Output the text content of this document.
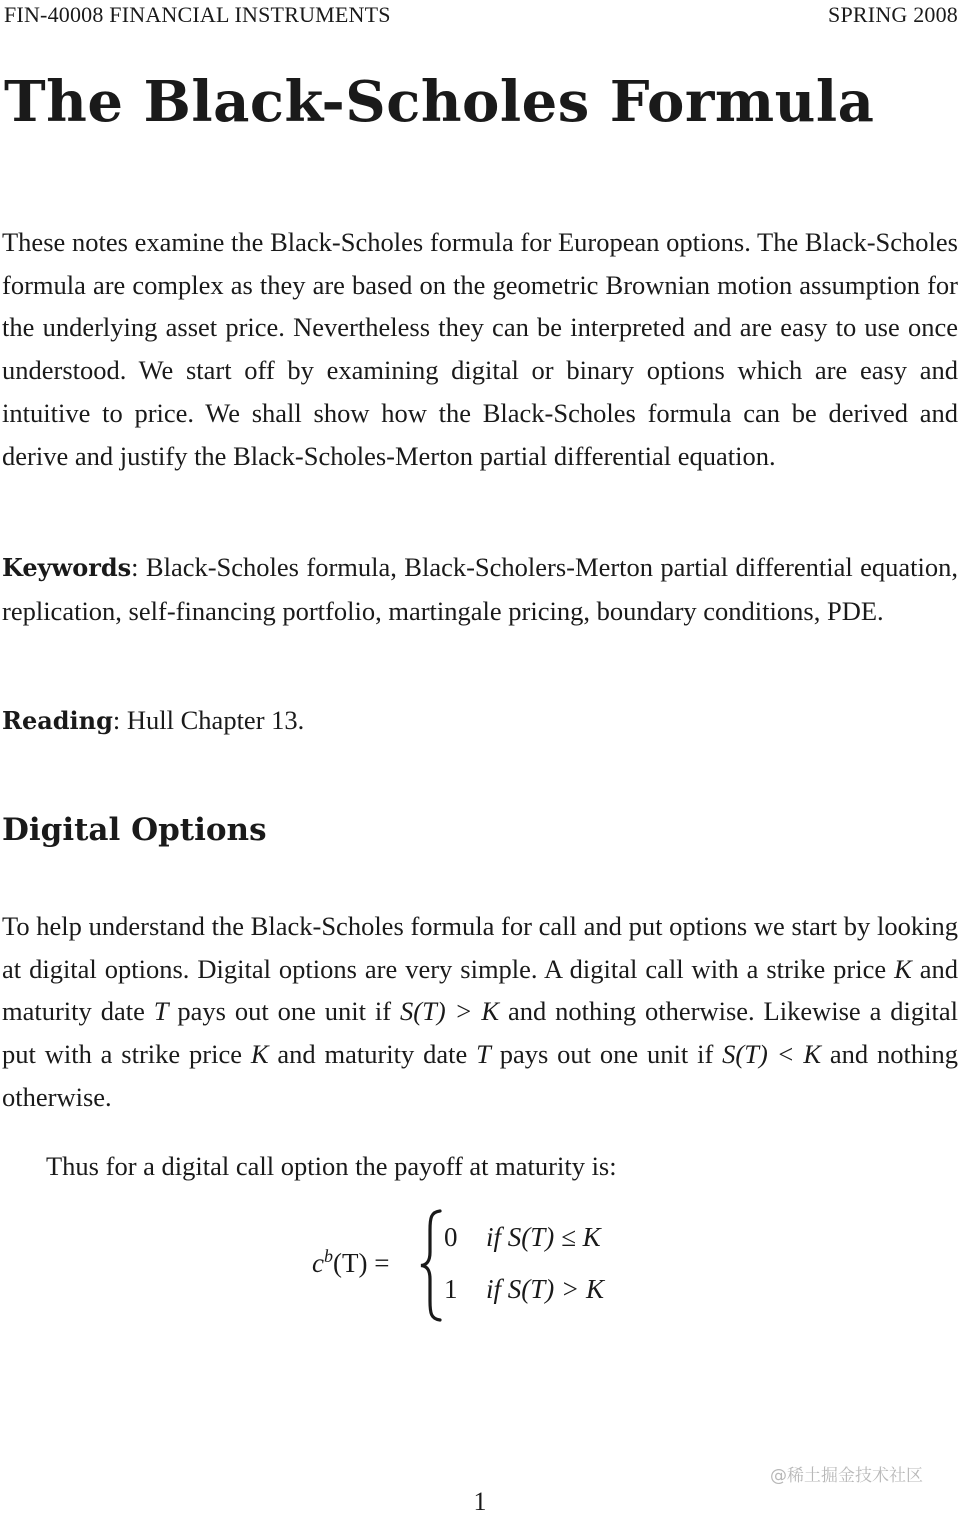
FIN-40008 FINANCIAL INSTRUMENTS	SPRING 2008
The Black-Scholes Formula

These notes examine the Black-Scholes formula for European options. The Black-Scholes formula are complex as they are based on the geometric Brownian motion assumption for the underlying asset price. Nevertheless they can be interpreted and are easy to use once understood. We start off by examining digital or binary options which are easy and intuitive to price. We shall show how the Black-Scholes formula can be derived and derive and justify the Black-Scholes-Merton partial differential equation.

Keywords: Black-Scholes formula, Black-Scholers-Merton partial differential equation, replication, self-financing portfolio, martingale pricing, boundary conditions, PDE.

Reading: Hull Chapter 13.

Digital Options

To help understand the Black-Scholes formula for call and put options we start by looking at digital options. Digital options are very simple. A digital call with a strike price K and maturity date T pays out one unit if S(T) > K and nothing otherwise. Likewise a digital put with a strike price K and maturity date T pays out one unit if S(T) < K and nothing otherwise.

Thus for a digital call option the payoff at maturity is:

$c^b(T)$ =
0 if S(T) ≤ K
1 if S(T) > K
@稀土掘金技术社区
1
